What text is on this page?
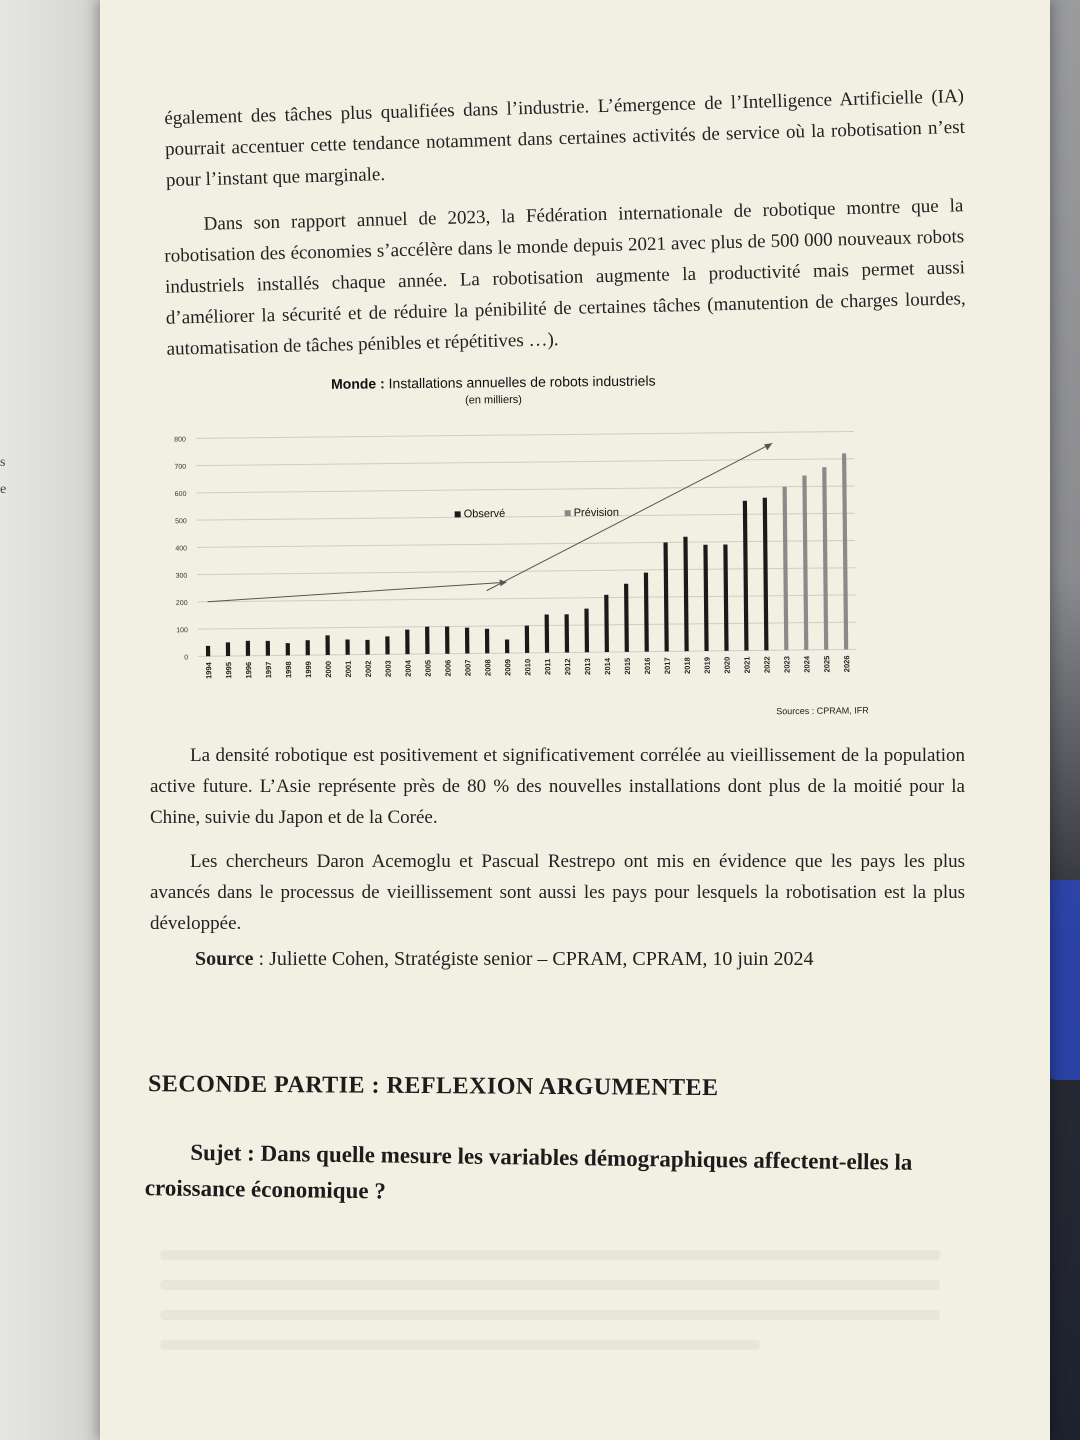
s
e

également des tâches plus qualifiées dans l’industrie. L’émergence de l’Intelligence Artificielle (IA) pourrait accentuer cette tendance notamment dans certaines activités de service où la robotisation n’est pour l’instant que marginale.

Dans son rapport annuel de 2023, la Fédération internationale de robotique montre que la robotisation des économies s’accélère dans le monde depuis 2021 avec plus de 500 000 nouveaux robots industriels installés chaque année. La robotisation augmente la productivité mais permet aussi d’améliorer la sécurité et de réduire la pénibilité de certaines tâches (manutention de charges lourdes, automatisation de tâches pénibles et répétitives …).

Monde : Installations annuelles de robots industriels
(en milliers)
0
100
200
300
400
500
600
700
800
1994 1995 1996 1997 1998 1999 2000 2001 2002 2003 2004 2005 2006 2007 2008 2009 2010 2011 2012 2013 2014 2015 2016 2017 2018 2019 2020 2021 2022 2023 2024 2025 2026
Observé	Prévision
Sources : CPRAM, IFR

La densité robotique est positivement et significativement corrélée au vieillissement de la population active future. L’Asie représente près de 80 % des nouvelles installations dont plus de la moitié pour la Chine, suivie du Japon et de la Corée.

Les chercheurs Daron Acemoglu et Pascual Restrepo ont mis en évidence que les pays les plus avancés dans le processus de vieillissement sont aussi les pays pour lesquels la robotisation est la plus développée.

Source : Juliette Cohen, Stratégiste senior – CPRAM, CPRAM, 10 juin 2024
SECONDE PARTIE : REFLEXION ARGUMENTEE
Sujet : Dans quelle mesure les variables démographiques affectent-elles la croissance économique ?
